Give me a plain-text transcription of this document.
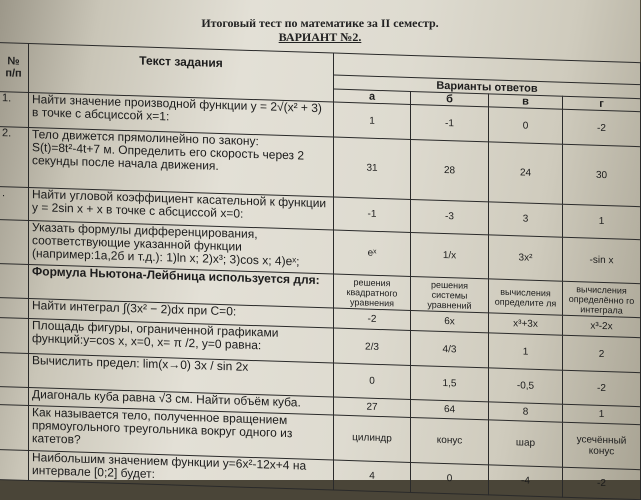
Итоговый тест по математике за II семестр.
ВАРИАНТ №2.
№ п/п	Текст задания				
		Варианты ответов			
		а	б	в	г
1.	Найти значение производной функции y = 2√(x² + 3) в точке с абсциссой x=1:	1	-1	0	-2
2.	Тело движется прямолинейно по закону: S(t)=8t²-4t+7 м. Определить его скорость через 2 секунды после начала движения.	31	28	24	30
.	Найти угловой коэффициент касательной к функции y = 2sin x + x в точке с абсциссой x=0:	-1	-3	3	1
	Указать формулы дифференцирования, соответствующие указанной функции (например:1а,2б и т.д.): 1)ln x; 2)x³; 3)cos x; 4)eˣ;	eˣ	1/x	3x²	-sin x
	Формула Ньютона-Лейбница используется для:	решения квадратного уравнения	решения системы уравнений	вычисления определите ля	вычисления определённо го интеграла
	Найти интеграл ∫(3x² − 2)dx при C=0:	-2	6x	x³+3x	x³-2x
	Площадь фигуры, ограниченной графиками функций:y=cos x, x=0, x= π /2, y=0 равна:	2/3	4/3	1	2
	Вычислить предел: lim(x→0) 3x / sin 2x	0	1,5	-0,5	-2
	Диагональ куба равна √3 см. Найти объём куба.	27	64	8	1
	Как называется тело, полученное вращением прямоугольного треугольника вокруг одного из катетов?	цилиндр	конус	шар	усечённый конус
	Наибольшим значением функции y=6x²-12x+4 на интервале [0;2] будет:	4	0	-4	-2
